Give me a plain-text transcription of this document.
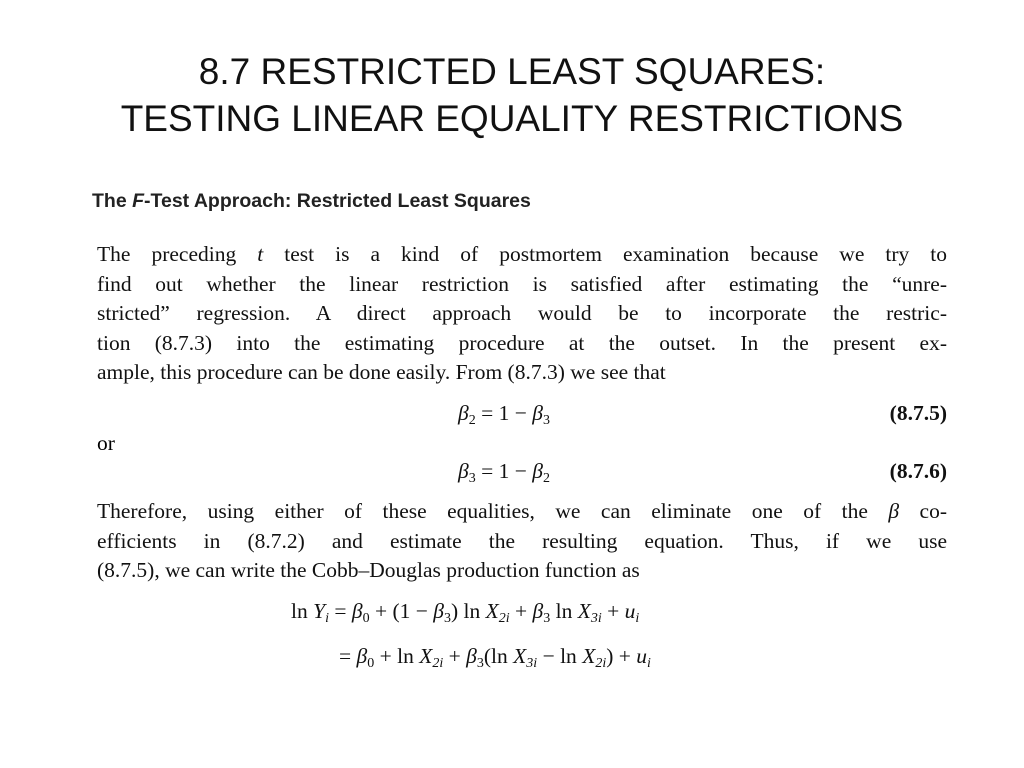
8.7 RESTRICTED LEAST SQUARES:
TESTING LINEAR EQUALITY RESTRICTIONS
The F-Test Approach: Restricted Least Squares
The preceding t test is a kind of postmortem examination because we try to
find out whether the linear restriction is satisfied after estimating the “unre-
stricted” regression. A direct approach would be to incorporate the restric-
tion (8.7.3) into the estimating procedure at the outset. In the present ex-
ample, this procedure can be done easily. From (8.7.3) we see that
$\beta_2 = 1 - \beta_3$	(8.7.5)
or
$\beta_3 = 1 - \beta_2$	(8.7.6)
Therefore, using either of these equalities, we can eliminate one of the β co-
efficients in (8.7.2) and estimate the resulting equation. Thus, if we use
(8.7.5), we can write the Cobb–Douglas production function as
$\ln Y_i = \beta_0 + (1 - \beta_3)$ $\ln X_{2i} + \beta_3$ $\ln X_{3i} + u_i$
= $\beta_0 + \ln X_{2i} + \beta_3(\ln$ $X_{3i} - \ln X_{2i}) + u_i$
